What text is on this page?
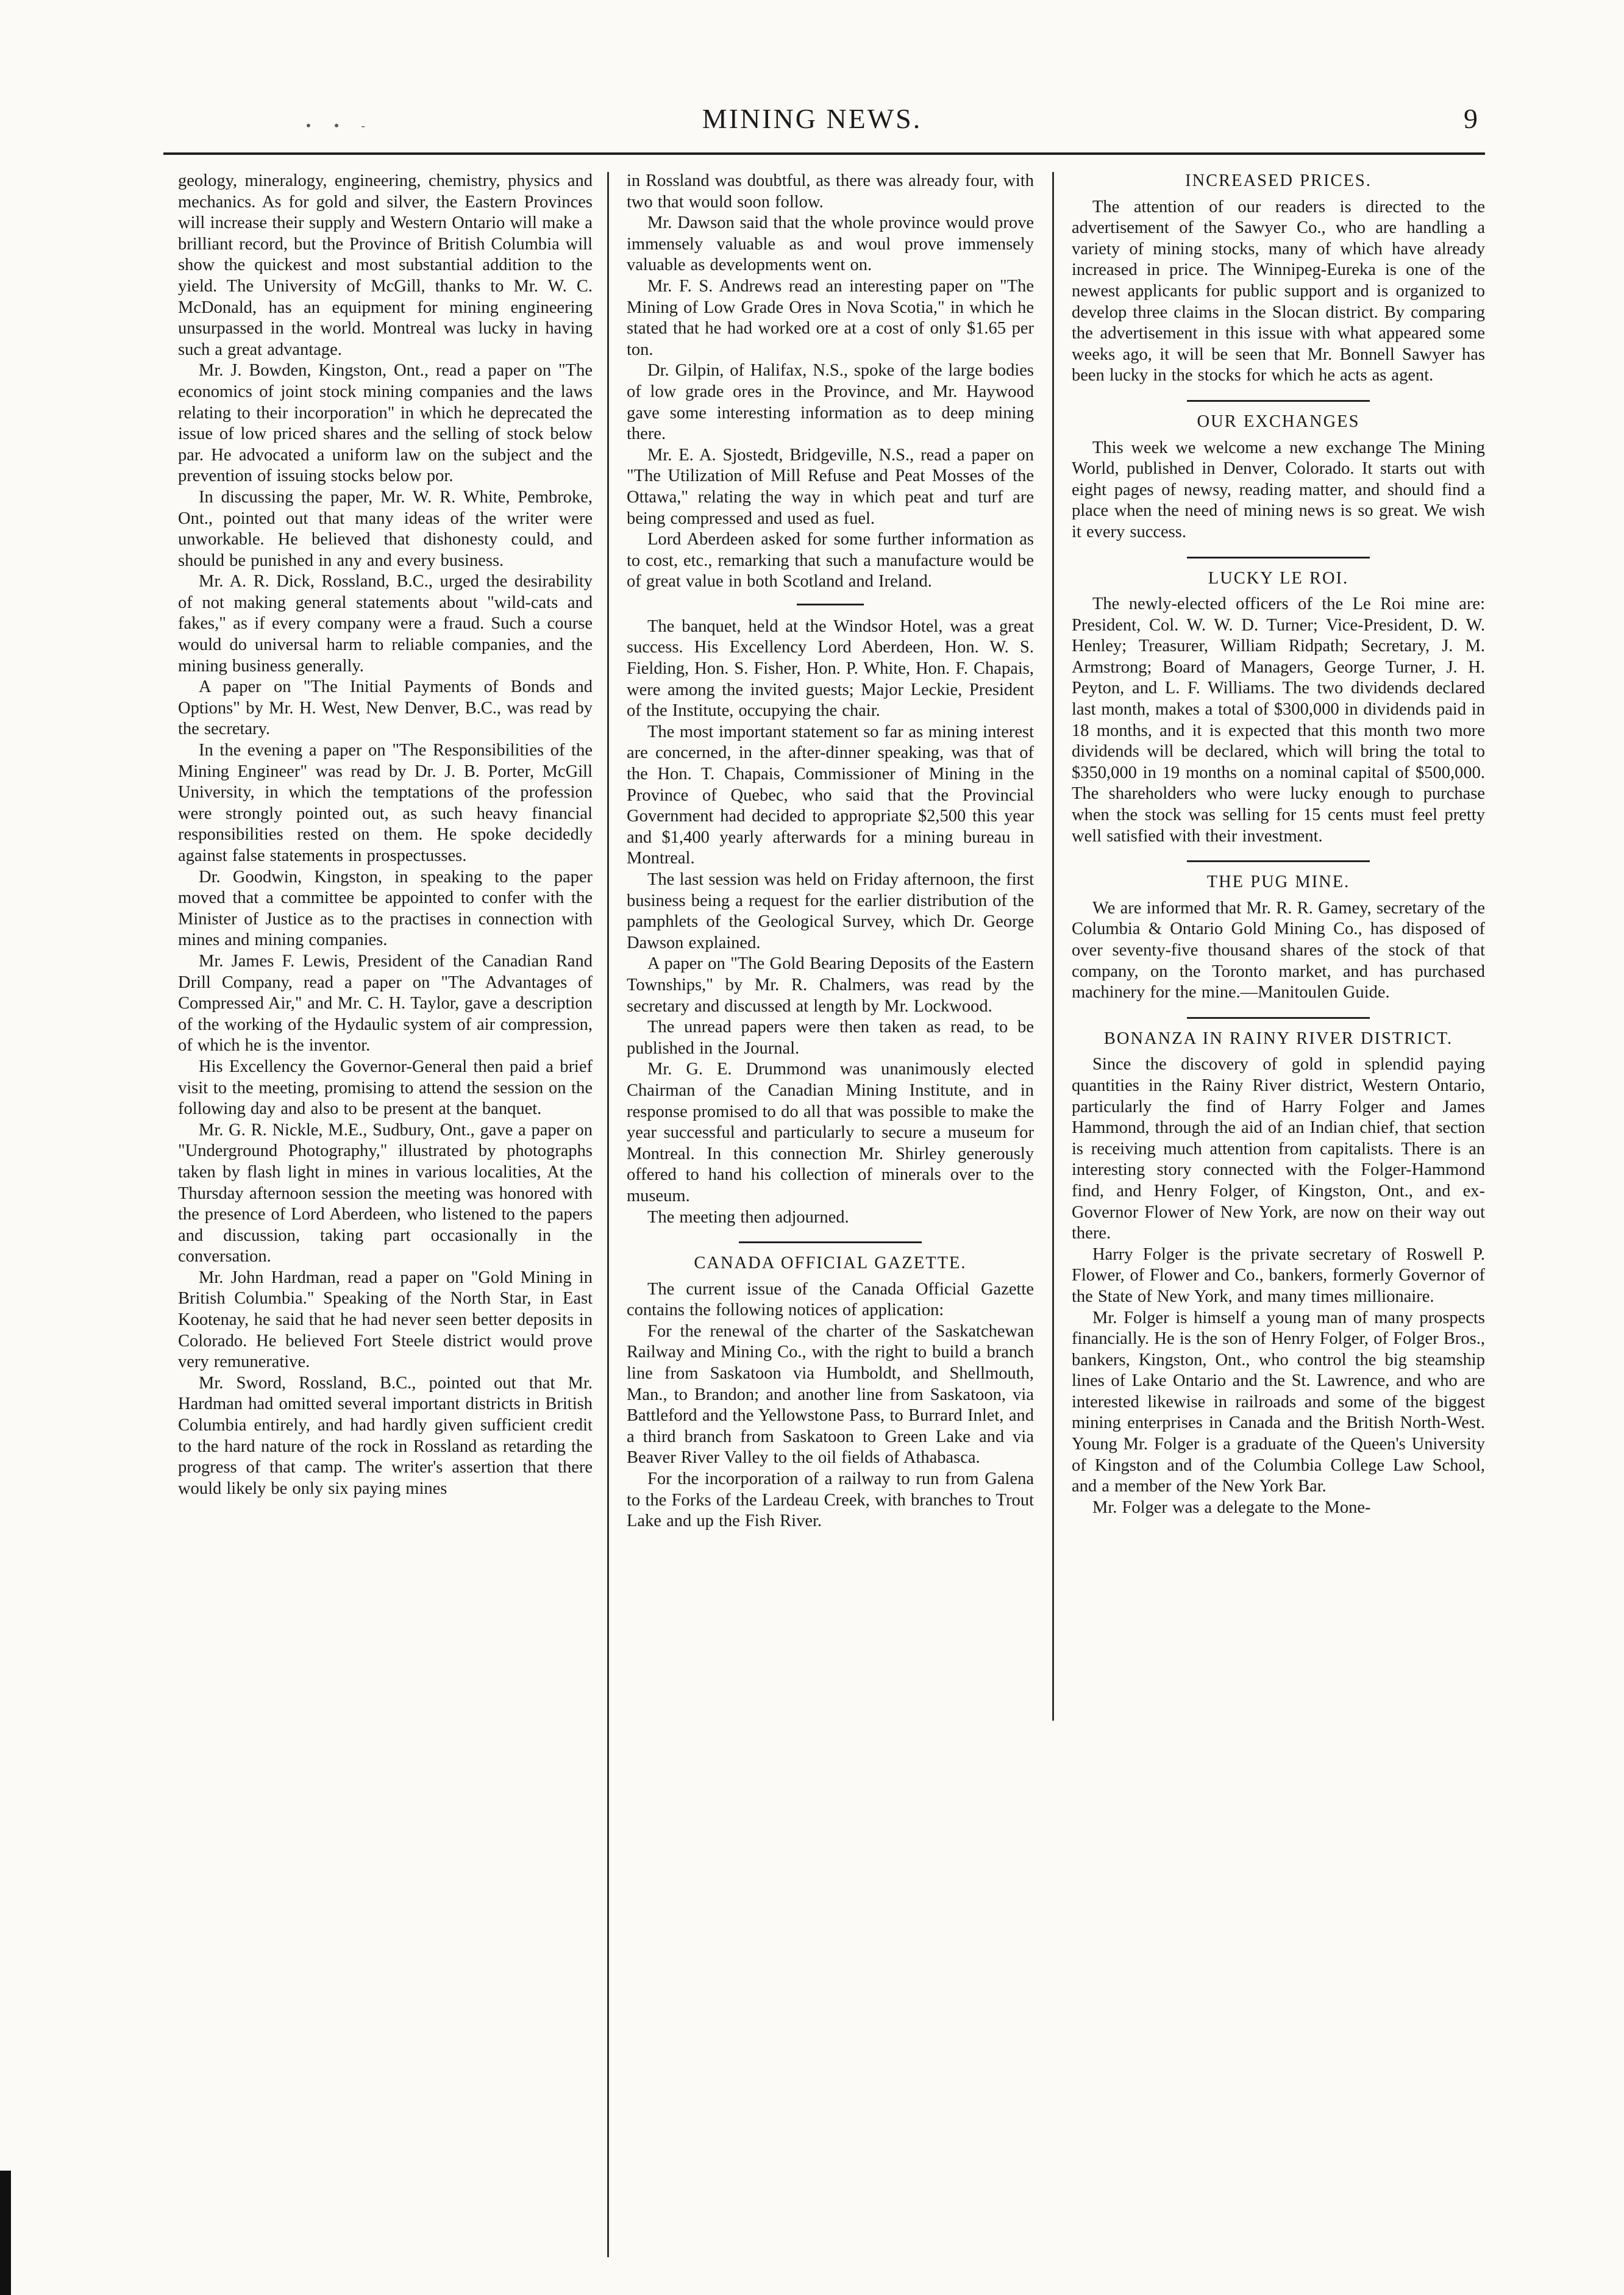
• • -	MINING NEWS.	9

geology, mineralogy, engineering, chemistry, physics and mechanics. As for gold and silver, the Eastern Provinces will increase their supply and Western Ontario will make a brilliant record, but the Province of British Columbia will show the quickest and most substantial addition to the yield. The University of McGill, thanks to Mr. W. C. McDonald, has an equipment for mining engineering unsurpassed in the world. Montreal was lucky in having such a great advantage.

Mr. J. Bowden, Kingston, Ont., read a paper on "The economics of joint stock mining companies and the laws relating to their incorporation" in which he deprecated the issue of low priced shares and the selling of stock below par. He advocated a uniform law on the subject and the prevention of issuing stocks below por.

In discussing the paper, Mr. W. R. White, Pembroke, Ont., pointed out that many ideas of the writer were unworkable. He believed that dishonesty could, and should be punished in any and every business.

Mr. A. R. Dick, Rossland, B.C., urged the desirability of not making general statements about "wild-cats and fakes," as if every company were a fraud. Such a course would do universal harm to reliable companies, and the mining business generally.

A paper on "The Initial Payments of Bonds and Options" by Mr. H. West, New Denver, B.C., was read by the secretary.

In the evening a paper on "The Responsibilities of the Mining Engineer" was read by Dr. J. B. Porter, McGill University, in which the temptations of the profession were strongly pointed out, as such heavy financial responsibilities rested on them. He spoke decidedly against false statements in prospectusses.

Dr. Goodwin, Kingston, in speaking to the paper moved that a committee be appointed to confer with the Minister of Justice as to the practises in connection with mines and mining companies.

Mr. James F. Lewis, President of the Canadian Rand Drill Company, read a paper on "The Advantages of Compressed Air," and Mr. C. H. Taylor, gave a description of the working of the Hydaulic system of air compression, of which he is the inventor.

His Excellency the Governor-General then paid a brief visit to the meeting, promising to attend the session on the following day and also to be present at the banquet.

Mr. G. R. Nickle, M.E., Sudbury, Ont., gave a paper on "Underground Photography," illustrated by photographs taken by flash light in mines in various localities, At the Thursday afternoon session the meeting was honored with the presence of Lord Aberdeen, who listened to the papers and discussion, taking part occasionally in the conversation.

Mr. John Hardman, read a paper on "Gold Mining in British Columbia." Speaking of the North Star, in East Kootenay, he said that he had never seen better deposits in Colorado. He believed Fort Steele district would prove very remunerative.

Mr. Sword, Rossland, B.C., pointed out that Mr. Hardman had omitted several important districts in British Columbia entirely, and had hardly given sufficient credit to the hard nature of the rock in Rossland as retarding the progress of that camp. The writer's assertion that there would likely be only six paying mines

in Rossland was doubtful, as there was already four, with two that would soon follow.

Mr. Dawson said that the whole province would prove immensely valuable as and woul prove immensely valuable as developments went on.

Mr. F. S. Andrews read an interesting paper on "The Mining of Low Grade Ores in Nova Scotia," in which he stated that he had worked ore at a cost of only $1.65 per ton.

Dr. Gilpin, of Halifax, N.S., spoke of the large bodies of low grade ores in the Province, and Mr. Haywood gave some interesting information as to deep mining there.

Mr. E. A. Sjostedt, Bridgeville, N.S., read a paper on "The Utilization of Mill Refuse and Peat Mosses of the Ottawa," relating the way in which peat and turf are being compressed and used as fuel.

Lord Aberdeen asked for some further information as to cost, etc., remarking that such a manufacture would be of great value in both Scotland and Ireland.

The banquet, held at the Windsor Hotel, was a great success. His Excellency Lord Aberdeen, Hon. W. S. Fielding, Hon. S. Fisher, Hon. P. White, Hon. F. Chapais, were among the invited guests; Major Leckie, President of the Institute, occupying the chair.

The most important statement so far as mining interest are concerned, in the after-dinner speaking, was that of the Hon. T. Chapais, Commissioner of Mining in the Province of Quebec, who said that the Provincial Government had decided to appropriate $2,500 this year and $1,400 yearly afterwards for a mining bureau in Montreal.

The last session was held on Friday afternoon, the first business being a request for the earlier distribution of the pamphlets of the Geological Survey, which Dr. George Dawson explained.

A paper on "The Gold Bearing Deposits of the Eastern Townships," by Mr. R. Chalmers, was read by the secretary and discussed at length by Mr. Lockwood.

The unread papers were then taken as read, to be published in the Journal.

Mr. G. E. Drummond was unanimously elected Chairman of the Canadian Mining Institute, and in response promised to do all that was possible to make the year successful and particularly to secure a museum for Montreal. In this connection Mr. Shirley generously offered to hand his collection of minerals over to the museum.

The meeting then adjourned.

CANADA OFFICIAL GAZETTE.

The current issue of the Canada Official Gazette contains the following notices of application:

For the renewal of the charter of the Saskatchewan Railway and Mining Co., with the right to build a branch line from Saskatoon via Humboldt, and Shellmouth, Man., to Brandon; and another line from Saskatoon, via Battleford and the Yellowstone Pass, to Burrard Inlet, and a third branch from Saskatoon to Green Lake and via Beaver River Valley to the oil fields of Athabasca.

For the incorporation of a railway to run from Galena to the Forks of the Lardeau Creek, with branches to Trout Lake and up the Fish River.

INCREASED PRICES.

The attention of our readers is directed to the advertisement of the Sawyer Co., who are handling a variety of mining stocks, many of which have already increased in price. The Winnipeg-Eureka is one of the newest applicants for public support and is organized to develop three claims in the Slocan district. By comparing the advertisement in this issue with what appeared some weeks ago, it will be seen that Mr. Bonnell Sawyer has been lucky in the stocks for which he acts as agent.

OUR EXCHANGES

This week we welcome a new exchange The Mining World, published in Denver, Colorado. It starts out with eight pages of newsy, reading matter, and should find a place when the need of mining news is so great. We wish it every success.

LUCKY LE ROI.

The newly-elected officers of the Le Roi mine are: President, Col. W. W. D. Turner; Vice-President, D. W. Henley; Treasurer, William Ridpath; Secretary, J. M. Armstrong; Board of Managers, George Turner, J. H. Peyton, and L. F. Williams. The two dividends declared last month, makes a total of $300,000 in dividends paid in 18 months, and it is expected that this month two more dividends will be declared, which will bring the total to $350,000 in 19 months on a nominal capital of $500,000. The shareholders who were lucky enough to purchase when the stock was selling for 15 cents must feel pretty well satisfied with their investment.

THE PUG MINE.

We are informed that Mr. R. R. Gamey, secretary of the Columbia & Ontario Gold Mining Co., has disposed of over seventy-five thousand shares of the stock of that company, on the Toronto market, and has purchased machinery for the mine.—Manitoulen Guide.

BONANZA IN RAINY RIVER DISTRICT.

Since the discovery of gold in splendid paying quantities in the Rainy River district, Western Ontario, particularly the find of Harry Folger and James Hammond, through the aid of an Indian chief, that section is receiving much attention from capitalists. There is an interesting story connected with the Folger-Hammond find, and Henry Folger, of Kingston, Ont., and ex-Governor Flower of New York, are now on their way out there.

Harry Folger is the private secretary of Roswell P. Flower, of Flower and Co., bankers, formerly Governor of the State of New York, and many times millionaire.

Mr. Folger is himself a young man of many prospects financially. He is the son of Henry Folger, of Folger Bros., bankers, Kingston, Ont., who control the big steamship lines of Lake Ontario and the St. Lawrence, and who are interested likewise in railroads and some of the biggest mining enterprises in Canada and the British North-West. Young Mr. Folger is a graduate of the Queen's University of Kingston and of the Columbia College Law School, and a member of the New York Bar.

Mr. Folger was a delegate to the Mone-
